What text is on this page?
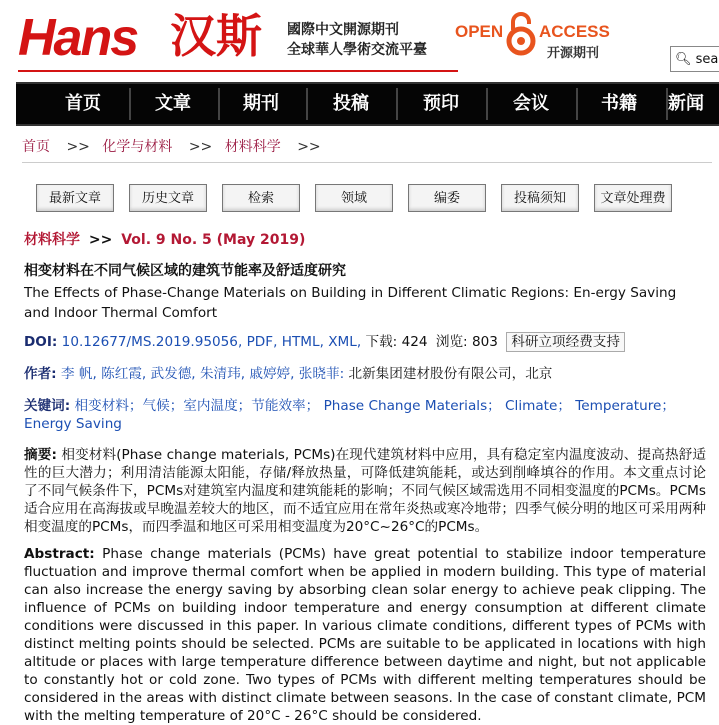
Hans 汉斯 國際中文開源期刊
全球華人學術交流平臺
OPEN ACCESS
开源期刊	🔍︎ sea
首页	文章	期刊	投稿	预印	会议	书籍	新闻
首页 >> 化学与材料 >> 材料科学 >>
最新文章	历史文章	检索	领域	编委	投稿须知	文章处理费
材料科学 >> Vol. 9 No. 5 (May 2019)
相变材料在不同气候区域的建筑节能率及舒适度研究
The Effects of Phase-Change Materials on Building in Different Climatic Regions: En-ergy Saving and Indoor Thermal Comfort
DOI: 10.12677/MS.2019.95056, PDF, HTML, XML, 下载: 424 浏览: 803 科研立项经费支持
作者: 李 帆, 陈红霞, 武发德, 朱清玮, 戚婷婷, 张晓菲: 北新集团建材股份有限公司，北京
关键词: 相变材料；气候；室内温度；节能效率； Phase Change Materials； Climate； Temperature； Energy Saving
摘要: 相变材料(Phase change materials, PCMs)在现代建筑材料中应用，具有稳定室内温度波动、提高热舒适性的巨大潜力；利用清洁能源太阳能，存储/释放热量，可降低建筑能耗，或达到削峰填谷的作用。本文重点讨论了不同气候条件下，PCMs对建筑室内温度和建筑能耗的影响；不同气候区域需选用不同相变温度的PCMs。PCMs适合应用在高海拔或早晚温差较大的地区，而不适宜应用在常年炎热或寒冷地带；四季气候分明的地区可采用两种相变温度的PCMs，而四季温和地区可采用相变温度为20°C~26°C的PCMs。
Abstract: Phase change materials (PCMs) have great potential to stabilize indoor temperature fluctuation and improve thermal comfort when be applied in modern building. This type of material can also increase the energy saving by absorbing clean solar energy to achieve peak clipping. The influence of PCMs on building indoor temperature and energy consumption at different climate conditions were discussed in this paper. In various climate conditions, different types of PCMs with distinct melting points should be selected. PCMs are suitable to be applicated in locations with high altitude or places with large temperature difference between daytime and night, but not applicable to constantly hot or cold zone. Two types of PCMs with different melting temperatures should be considered in the areas with distinct climate between seasons. In the case of constant climate, PCM with the melting temperature of 20°C - 26°C should be considered.
